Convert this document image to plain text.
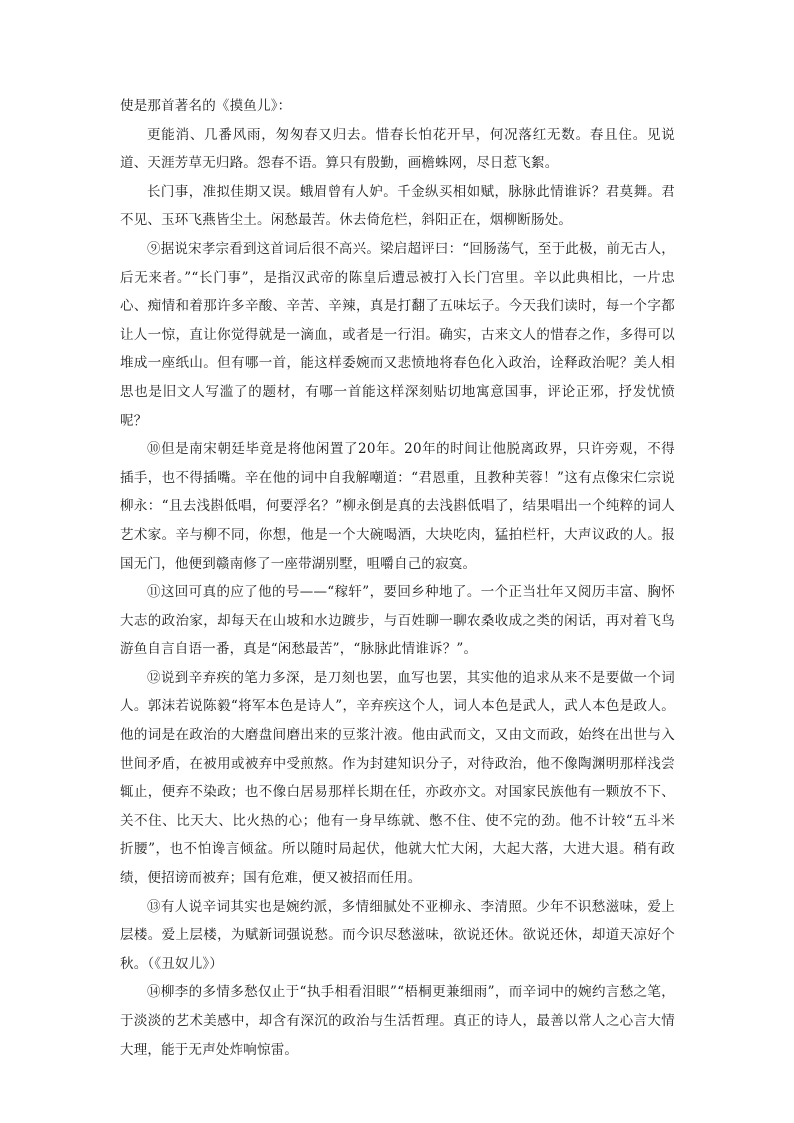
使是那首著名的《摸鱼儿》：

更能消、几番风雨，匆匆春又归去。惜春长怕花开早，何况落红无数。春且住。见说道、天涯芳草无归路。怨春不语。算只有殷勤，画檐蛛网，尽日惹飞絮。

长门事，准拟佳期又误。蛾眉曾有人妒。千金纵买相如赋，脉脉此情谁诉？君莫舞。君不见、玉环飞燕皆尘土。闲愁最苦。休去倚危栏，斜阳正在，烟柳断肠处。

⑨据说宋孝宗看到这首词后很不高兴。梁启超评曰：“回肠荡气，至于此极，前无古人，后无来者。”“长门事”，是指汉武帝的陈皇后遭忌被打入长门宫里。辛以此典相比，一片忠心、痴情和着那许多辛酸、辛苦、辛辣，真是打翻了五味坛子。今天我们读时，每一个字都让人一惊，直让你觉得就是一滴血，或者是一行泪。确实，古来文人的惜春之作，多得可以堆成一座纸山。但有哪一首，能这样委婉而又悲愤地将春色化入政治，诠释政治呢？美人相思也是旧文人写滥了的题材，有哪一首能这样深刻贴切地寓意国事，评论正邪，抒发忧愤呢？

⑩但是南宋朝廷毕竟是将他闲置了20年。20年的时间让他脱离政界，只许旁观，不得插手，也不得插嘴。辛在他的词中自我解嘲道：“君恩重，且教种芙蓉！”这有点像宋仁宗说柳永：“且去浅斟低唱，何要浮名？”柳永倒是真的去浅斟低唱了，结果唱出一个纯粹的词人艺术家。辛与柳不同，你想，他是一个大碗喝酒，大块吃肉，猛拍栏杆，大声议政的人。报国无门，他便到赣南修了一座带湖别墅，咀嚼自己的寂寞。

⑪这回可真的应了他的号——“稼轩”，要回乡种地了。一个正当壮年又阅历丰富、胸怀大志的政治家，却每天在山坡和水边踱步，与百姓聊一聊农桑收成之类的闲话，再对着飞鸟游鱼自言自语一番，真是“闲愁最苦”，“脉脉此情谁诉？”。

⑫说到辛弃疾的笔力多深，是刀刻也罢，血写也罢，其实他的追求从来不是要做一个词人。郭沫若说陈毅“将军本色是诗人”，辛弃疾这个人，词人本色是武人，武人本色是政人。他的词是在政治的大磨盘间磨出来的豆浆汁液。他由武而文，又由文而政，始终在出世与入世间矛盾，在被用或被弃中受煎熬。作为封建知识分子，对待政治，他不像陶渊明那样浅尝辄止，便弃不染政；也不像白居易那样长期在任，亦政亦文。对国家民族他有一颗放不下、关不住、比天大、比火热的心；他有一身早练就、憋不住、使不完的劲。他不计较“五斗米折腰”，也不怕谗言倾盆。所以随时局起伏，他就大忙大闲，大起大落，大进大退。稍有政绩，便招谤而被弃；国有危难，便又被招而任用。

⑬有人说辛词其实也是婉约派，多情细腻处不亚柳永、李清照。少年不识愁滋味，爱上层楼。爱上层楼，为赋新词强说愁。而今识尽愁滋味，欲说还休。欲说还休，却道天凉好个秋。（《丑奴儿》）

⑭柳李的多情多愁仅止于“执手相看泪眼”“梧桐更兼细雨”，而辛词中的婉约言愁之笔，于淡淡的艺术美感中，却含有深沉的政治与生活哲理。真正的诗人，最善以常人之心言大情大理，能于无声处炸响惊雷。
